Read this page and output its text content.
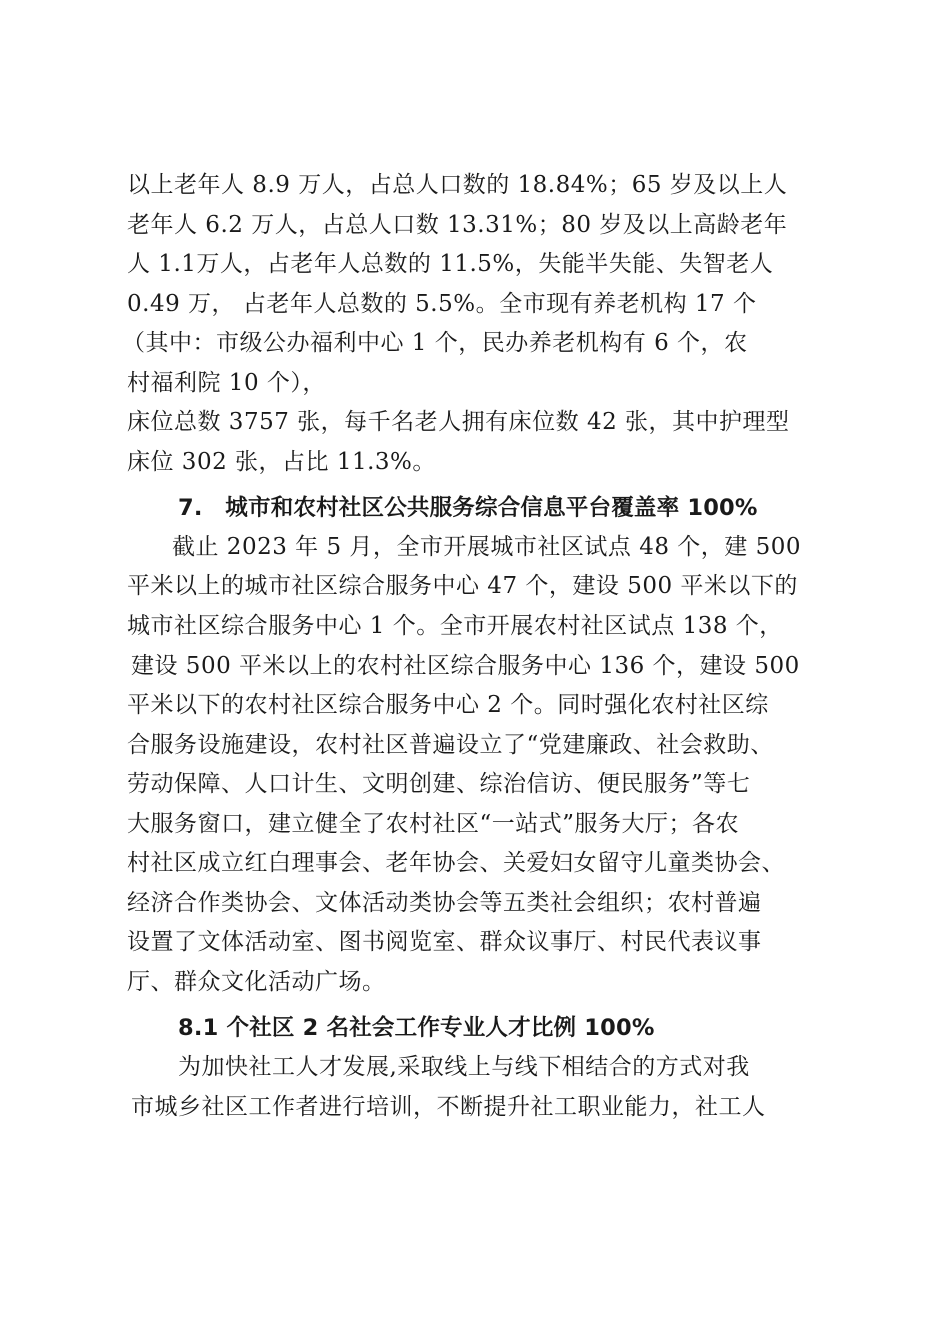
以上老年人 8.9 万人，占总人口数的 18.84%；65 岁及以上人
老年人 6.2 万人，占总人口数 13.31%；80 岁及以上高龄老年
人 1.1万人，占老年人总数的 11.5%，失能半失能、失智老人
0.49 万， 占老年人总数的 5.5%。全市现有养老机构 17 个
（其中：市级公办福利中心 1 个，民办养老机构有 6 个，农
村福利院 10 个），
床位总数 3757 张，每千名老人拥有床位数 42 张，其中护理型
床位 302 张，占比 11.3%。
7.　城市和农村社区公共服务综合信息平台覆盖率 100%
截止 2023 年 5 月，全市开展城市社区试点 48 个，建 500
平米以上的城市社区综合服务中心 47 个，建设 500 平米以下的
城市社区综合服务中心 1 个。全市开展农村社区试点 138 个，
建设 500 平米以上的农村社区综合服务中心 136 个，建设 500
平米以下的农村社区综合服务中心 2 个。同时强化农村社区综
合服务设施建设，农村社区普遍设立了“党建廉政、社会救助、
劳动保障、人口计生、文明创建、综治信访、便民服务”等七
大服务窗口，建立健全了农村社区“一站式”服务大厅；各农
村社区成立红白理事会、老年协会、关爱妇女留守儿童类协会、
经济合作类协会、文体活动类协会等五类社会组织；农村普遍
设置了文体活动室、图书阅览室、群众议事厅、村民代表议事
厅、群众文化活动广场。
8.1 个社区 2 名社会工作专业人才比例 100%
为加快社工人才发展,采取线上与线下相结合的方式对我
市城乡社区工作者进行培训，不断提升社工职业能力，社工人
